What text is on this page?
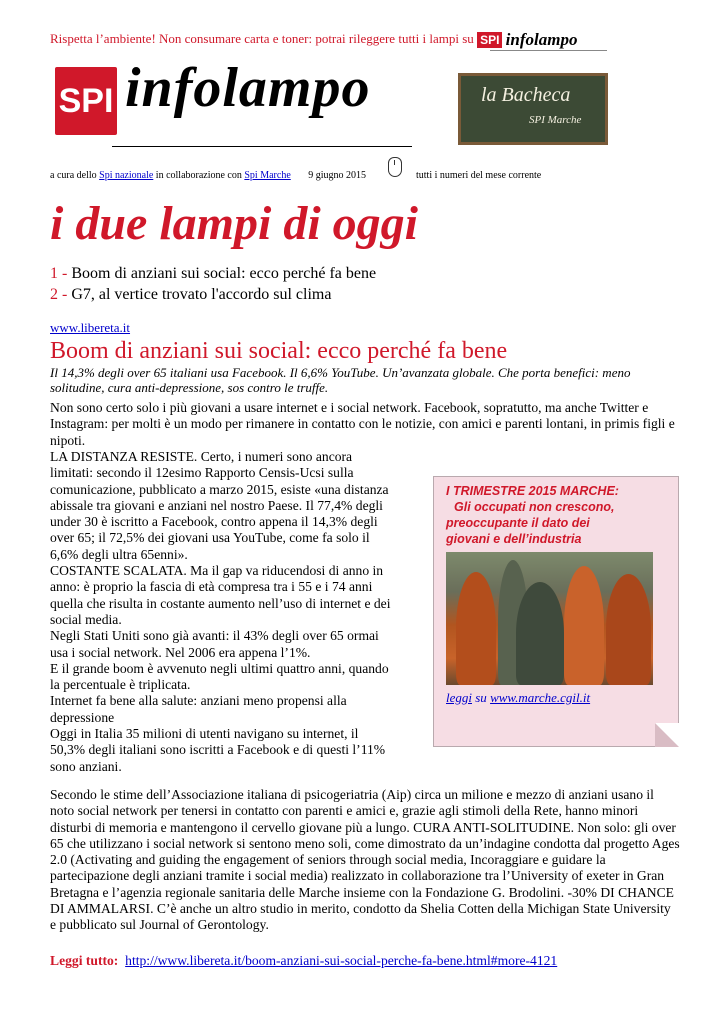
Rispetta l’ambiente! Non consumare carta e toner: potrai rileggere tutti i lampi su SPI infolampo
SPI infolampo	la Bacheca
SPI Marche
a cura dello Spi nazionale in collaborazione con Spi Marche 9 giugno 2015	tutti i numeri del mese corrente
i due lampi di oggi
1 - Boom di anziani sui social: ecco perché fa bene
2 - G7, al vertice trovato l'accordo sul clima
www.libereta.it
Boom di anziani sui social: ecco perché fa bene
Il 14,3% degli over 65 italiani usa Facebook. Il 6,6% YouTube. Un’avanzata globale. Che porta benefici: meno solitudine, cura anti-depressione, sos contro le truffe.
Non sono certo solo i più giovani a usare internet e i social network. Facebook, sopratutto, ma anche Twitter e Instagram: per molti è un modo per rimanere in contatto con le notizie, con amici e parenti lontani, in primis figli e nipoti.
LA DISTANZA RESISTE. Certo, i numeri sono ancora
limitati: secondo il 12esimo Rapporto Censis-Ucsi sulla
comunicazione, pubblicato a marzo 2015, esiste «una distanza
abissale tra giovani e anziani nel nostro Paese. Il 77,4% degli
under 30 è iscritto a Facebook, contro appena il 14,3% degli
over 65; il 72,5% dei giovani usa YouTube, come fa solo il
6,6% degli ultra 65enni».
COSTANTE SCALATA. Ma il gap va riducendosi di anno in
anno: è proprio la fascia di età compresa tra i 55 e i 74 anni
quella che risulta in costante aumento nell’uso di internet e dei
social media.
Negli Stati Uniti sono già avanti: il 43% degli over 65 ormai
usa i social network. Nel 2006 era appena l’1%.
E il grande boom è avvenuto negli ultimi quattro anni, quando
la percentuale è triplicata.
Internet fa bene alla salute: anziani meno propensi alla
depressione
Oggi in Italia 35 milioni di utenti navigano su internet, il
50,3% degli italiani sono iscritti a Facebook e di questi l’11%
sono anziani.
Secondo le stime dell’Associazione italiana di psicogeriatria (Aip) circa un milione e mezzo di anziani usano il noto social network per tenersi in contatto con parenti e amici e, grazie agli stimoli della Rete, hanno minori disturbi di memoria e mantengono il cervello giovane più a lungo. CURA ANTI-SOLITUDINE. Non solo: gli over 65 che utilizzano i social network si sentono meno soli, come dimostrato da un’indagine condotta dal progetto Ages 2.0 (Activating and guiding the engagement of seniors through social media, Incoraggiare e guidare la partecipazione degli anziani tramite i social media) realizzato in collaborazione tra l’University of exeter in Gran Bretagna e l’agenzia regionale sanitaria delle Marche insieme con la Fondazione G. Brodolini. -30% DI CHANCE DI AMMALARSI. C’è anche un altro studio in merito, condotto da Shelia Cotten della Michigan State University e pubblicato sul Journal of Gerontology.
Leggi tutto: http://www.libereta.it/boom-anziani-sui-social-perche-fa-bene.html#more-4121
I TRIMESTRE 2015 MARCHE:
Gli occupati non crescono,
preoccupante il dato dei
giovani e dell’industria
leggi su www.marche.cgil.it
